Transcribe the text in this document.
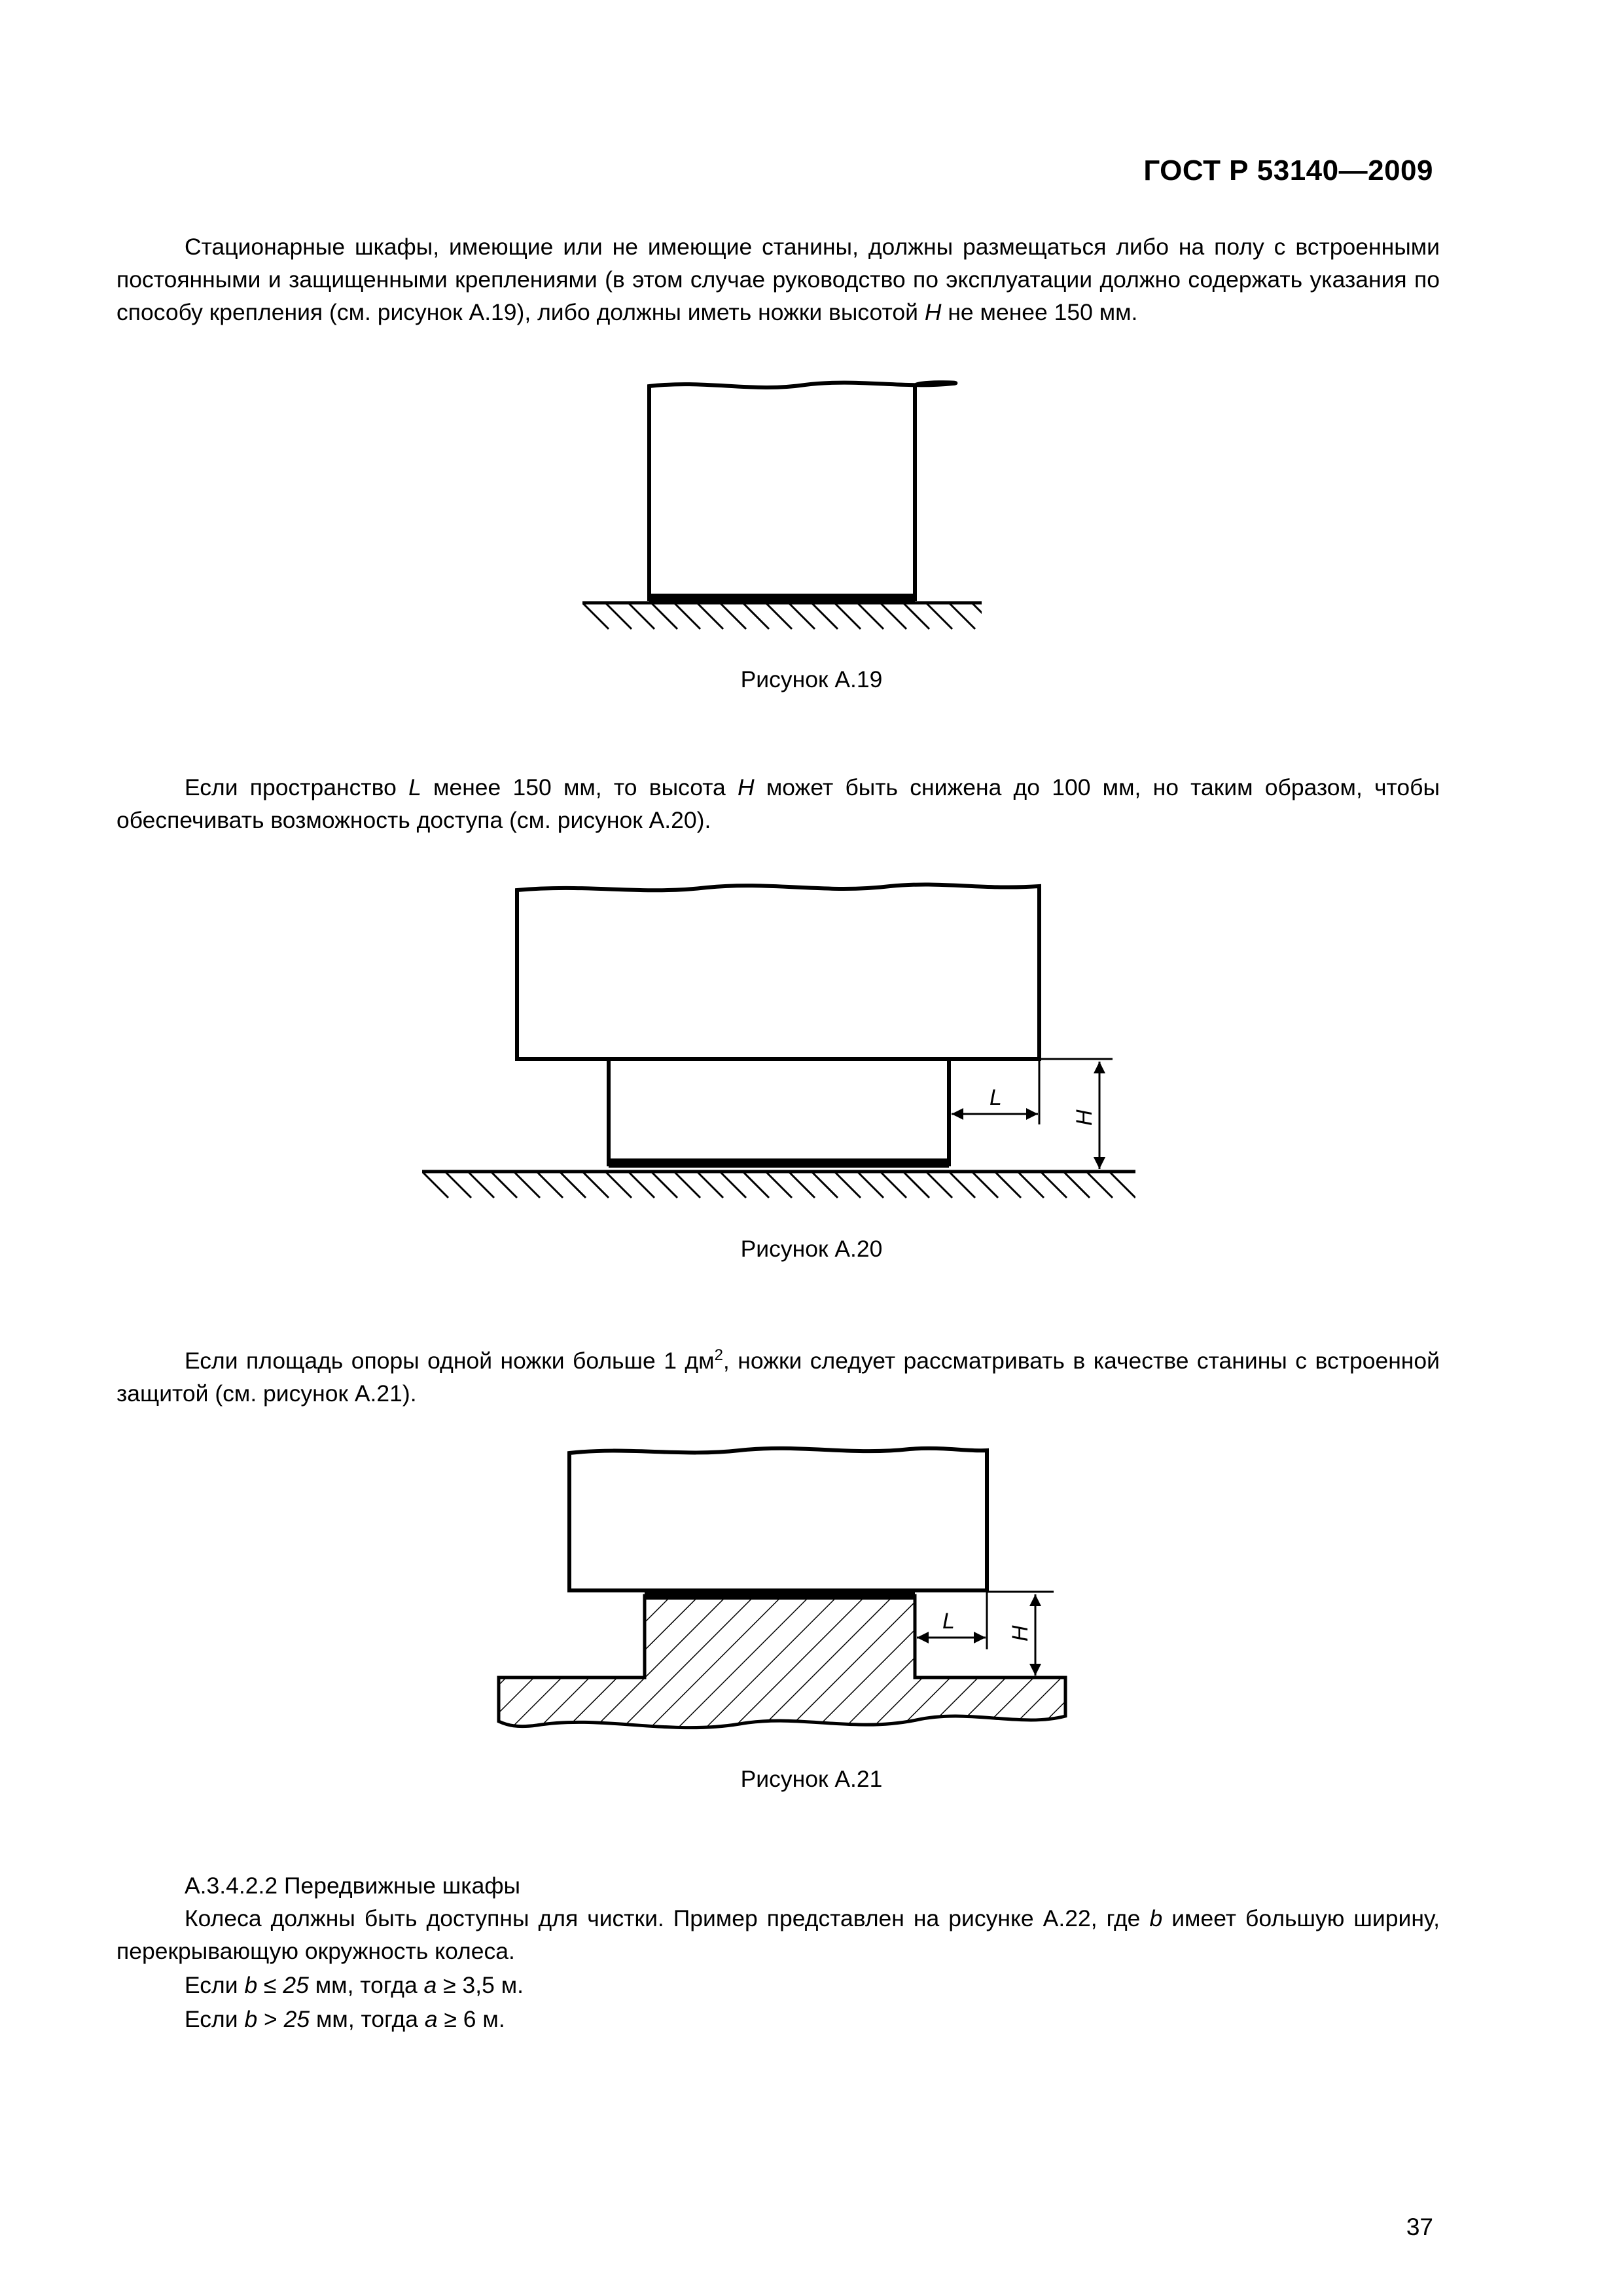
ГОСТ Р 53140—2009
Стационарные шкафы, имеющие или не имеющие станины, должны размещаться либо на полу с встроенными постоянными и защищенными креплениями (в этом случае руководство по эксплуатации должно содержать указания по способу крепления (см. рисунок А.19), либо должны иметь ножки высотой H не менее 150 мм.
Рисунок А.19
Если пространство L менее 150 мм, то высота H может быть снижена до 100 мм, но таким образом, чтобы обеспечивать возможность доступа (см. рисунок А.20).
L
H
Рисунок А.20
Если площадь опоры одной ножки больше 1 $дм^2$, ножки следует рассматривать в качестве станины с встроенной защитой (см. рисунок А.21).
L H
Рисунок А.21
А.3.4.2.2 Передвижные шкафы
Колеса должны быть доступны для чистки. Пример представлен на рисунке А.22, где b имеет большую ширину, перекрывающую окружность колеса.
Если b ≤ 25 мм, тогда a ≥ 3,5 м.
Если b > 25 мм, тогда a ≥ 6 м.
37
